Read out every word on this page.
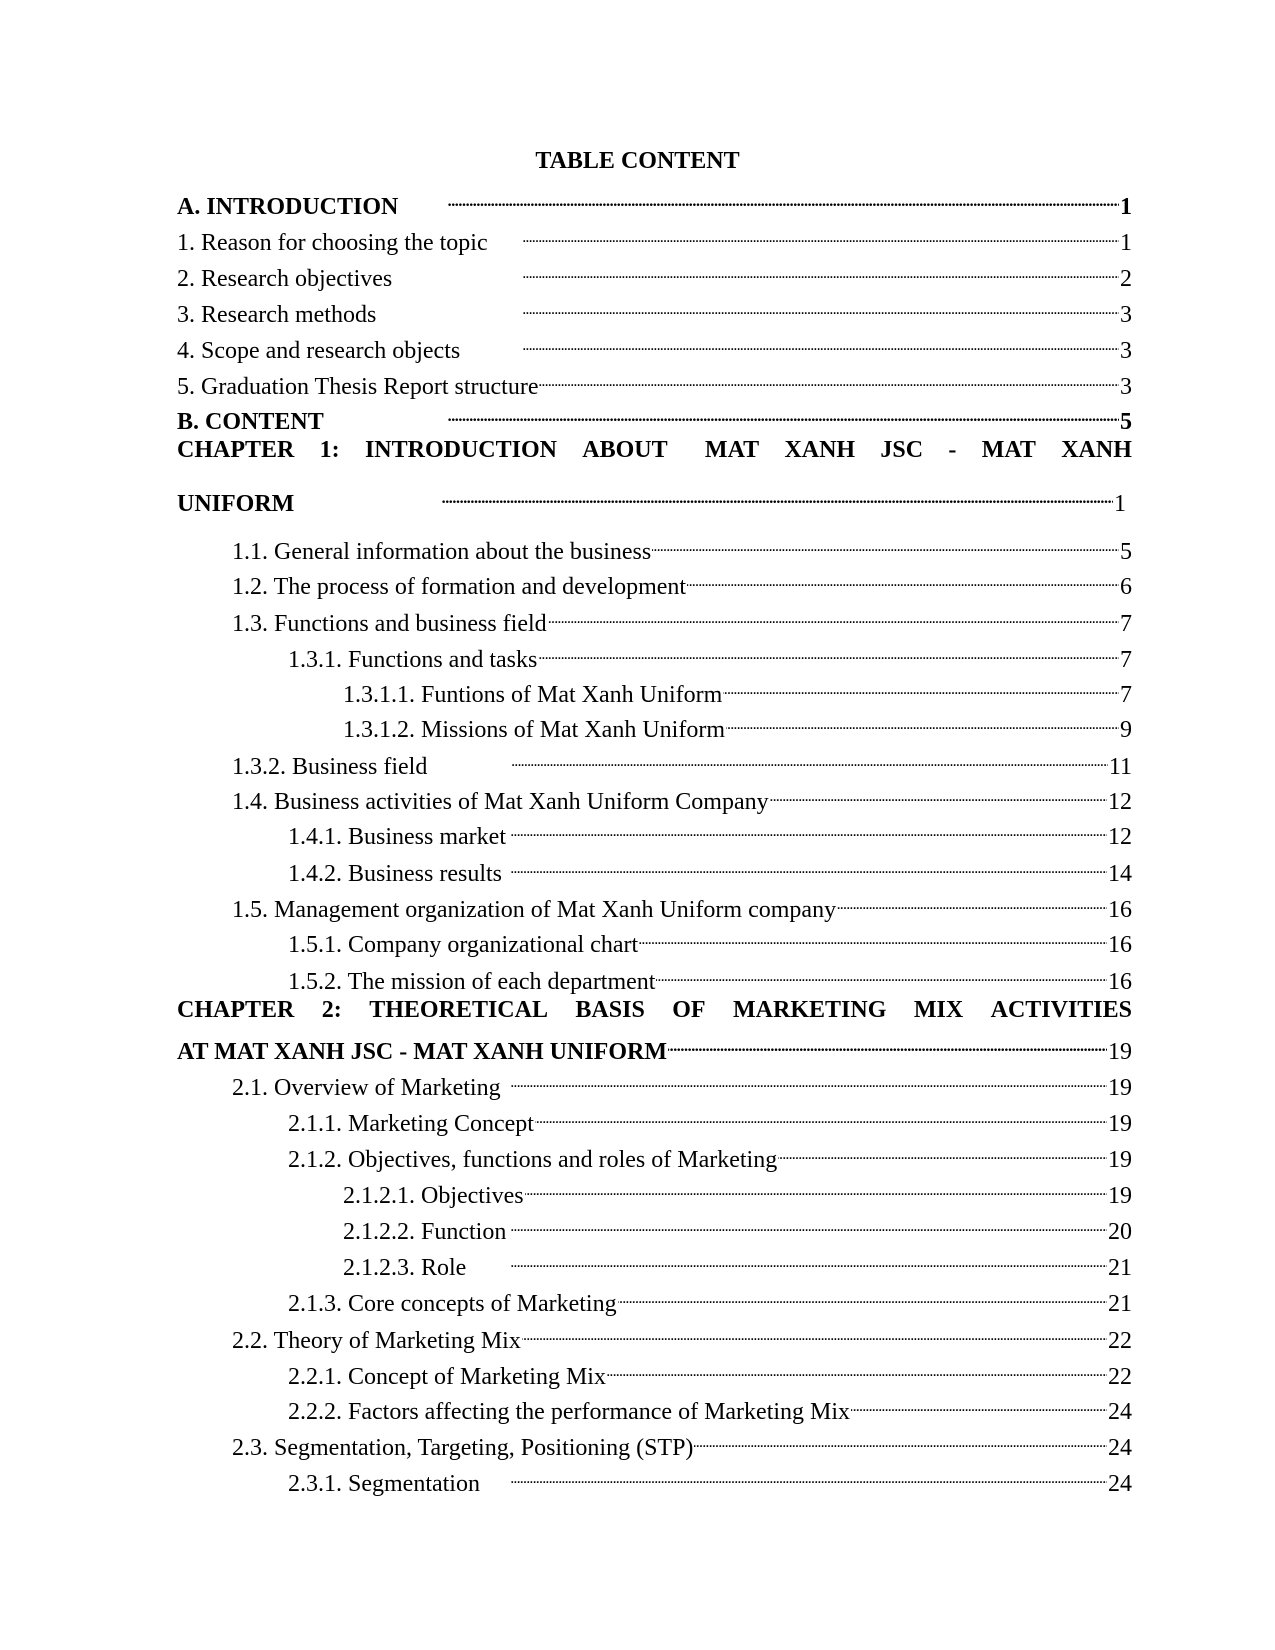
TABLE CONTENT
A. INTRODUCTION . . .	1
1. Reason for choosing the topic . . .	1
2. Research objectives . . .	2
3. Research methods . . .	3
4. Scope and research objects . . .	3
5. Graduation Thesis Report structure . . .	3
B. CONTENT . . .	5
CHAPTER 1: INTRODUCTION ABOUT MAT XANH JSC - MAT XANH
UNIFORM . . .	1
1.1. General information about the business . . .	5
1.2. The process of formation and development . . .	6
1.3. Functions and business field . . .	7
1.3.1. Functions and tasks . . .	7
1.3.1.1. Funtions of Mat Xanh Uniform . . .	7
1.3.1.2. Missions of Mat Xanh Uniform . . .	9
1.3.2. Business field . . .	11
1.4. Business activities of Mat Xanh Uniform Company . . .	12
1.4.1. Business market . . .	12
1.4.2. Business results . . .	14
1.5. Management organization of Mat Xanh Uniform company . . .	16
1.5.1. Company organizational chart . . .	16
1.5.2. The mission of each department . . .	16
CHAPTER 2: THEORETICAL BASIS OF MARKETING MIX ACTIVITIES
AT MAT XANH JSC - MAT XANH UNIFORM . . .	19
2.1. Overview of Marketing . . .	19
2.1.1. Marketing Concept . . .	19
2.1.2. Objectives, functions and roles of Marketing . . .	19
2.1.2.1. Objectives . . .	19
2.1.2.2. Function . . .	20
2.1.2.3. Role . . .	21
2.1.3. Core concepts of Marketing . . .	21
2.2. Theory of Marketing Mix . . .	22
2.2.1. Concept of Marketing Mix . . .	22
2.2.2. Factors affecting the performance of Marketing Mix . . .	24
2.3. Segmentation, Targeting, Positioning (STP) . . .	24
2.3.1. Segmentation . . .	24
